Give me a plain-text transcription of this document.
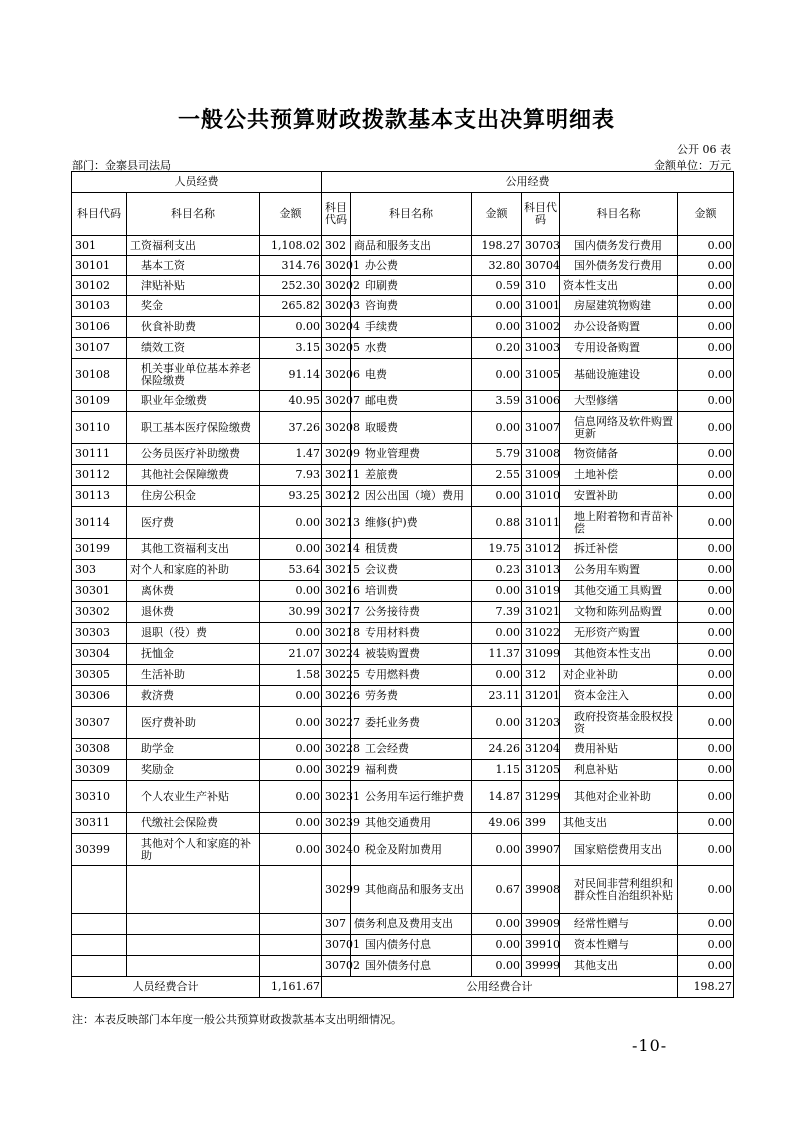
一般公共预算财政拨款基本支出决算明细表
公开 06 表
部门：金寨县司法局	金额单位：万元
人员经费			公用经费					
科目代码	科目名称	金额	科目代码	科目名称	金额	科目代码	科目名称	金额
301	工资福利支出	1,108.02	302	商品和服务支出	198.27	30703	国内债务发行费用	0.00
30101	基本工资	314.76	30201	办公费	32.80	30704	国外债务发行费用	0.00
30102	津贴补贴	252.30	30202	印刷费	0.59	310	资本性支出	0.00
30103	奖金	265.82	30203	咨询费	0.00	31001	房屋建筑物购建	0.00
30106	伙食补助费	0.00	30204	手续费	0.00	31002	办公设备购置	0.00
30107	绩效工资	3.15	30205	水费	0.20	31003	专用设备购置	0.00
30108	机关事业单位基本养老保险缴费	91.14	30206	电费	0.00	31005	基础设施建设	0.00
30109	职业年金缴费	40.95	30207	邮电费	3.59	31006	大型修缮	0.00
30110	职工基本医疗保险缴费	37.26	30208	取暖费	0.00	31007	信息网络及软件购置更新	0.00
30111	公务员医疗补助缴费	1.47	30209	物业管理费	5.79	31008	物资储备	0.00
30112	其他社会保障缴费	7.93	30211	差旅费	2.55	31009	土地补偿	0.00
30113	住房公积金	93.25	30212	因公出国（境）费用	0.00	31010	安置补助	0.00
30114	医疗费	0.00	30213	维修(护)费	0.88	31011	地上附着物和青苗补偿	0.00
30199	其他工资福利支出	0.00	30214	租赁费	19.75	31012	拆迁补偿	0.00
303	对个人和家庭的补助	53.64	30215	会议费	0.23	31013	公务用车购置	0.00
30301	离休费	0.00	30216	培训费	0.00	31019	其他交通工具购置	0.00
30302	退休费	30.99	30217	公务接待费	7.39	31021	文物和陈列品购置	0.00
30303	退职（役）费	0.00	30218	专用材料费	0.00	31022	无形资产购置	0.00
30304	抚恤金	21.07	30224	被装购置费	11.37	31099	其他资本性支出	0.00
30305	生活补助	1.58	30225	专用燃料费	0.00	312	对企业补助	0.00
30306	救济费	0.00	30226	劳务费	23.11	31201	资本金注入	0.00
30307	医疗费补助	0.00	30227	委托业务费	0.00	31203	政府投资基金股权投资	0.00
30308	助学金	0.00	30228	工会经费	24.26	31204	费用补贴	0.00
30309	奖励金	0.00	30229	福利费	1.15	31205	利息补贴	0.00
30310	个人农业生产补贴	0.00	30231	公务用车运行维护费	14.87	31299	其他对企业补助	0.00
30311	代缴社会保险费	0.00	30239	其他交通费用	49.06	399	其他支出	0.00
30399	其他对个人和家庭的补助	0.00	30240	税金及附加费用	0.00	39907	国家赔偿费用支出	0.00
			30299	其他商品和服务支出	0.67	39908	对民间非营利组织和群众性自治组织补贴	0.00
			307	债务利息及费用支出	0.00	39909	经常性赠与	0.00
			30701	国内债务付息	0.00	39910	资本性赠与	0.00
			30702	国外债务付息	0.00	39999	其他支出	0.00
人员经费合计		1,161.67	公用经费合计					198.27
注：本表反映部门本年度一般公共预算财政拨款基本支出明细情况。
-10-
